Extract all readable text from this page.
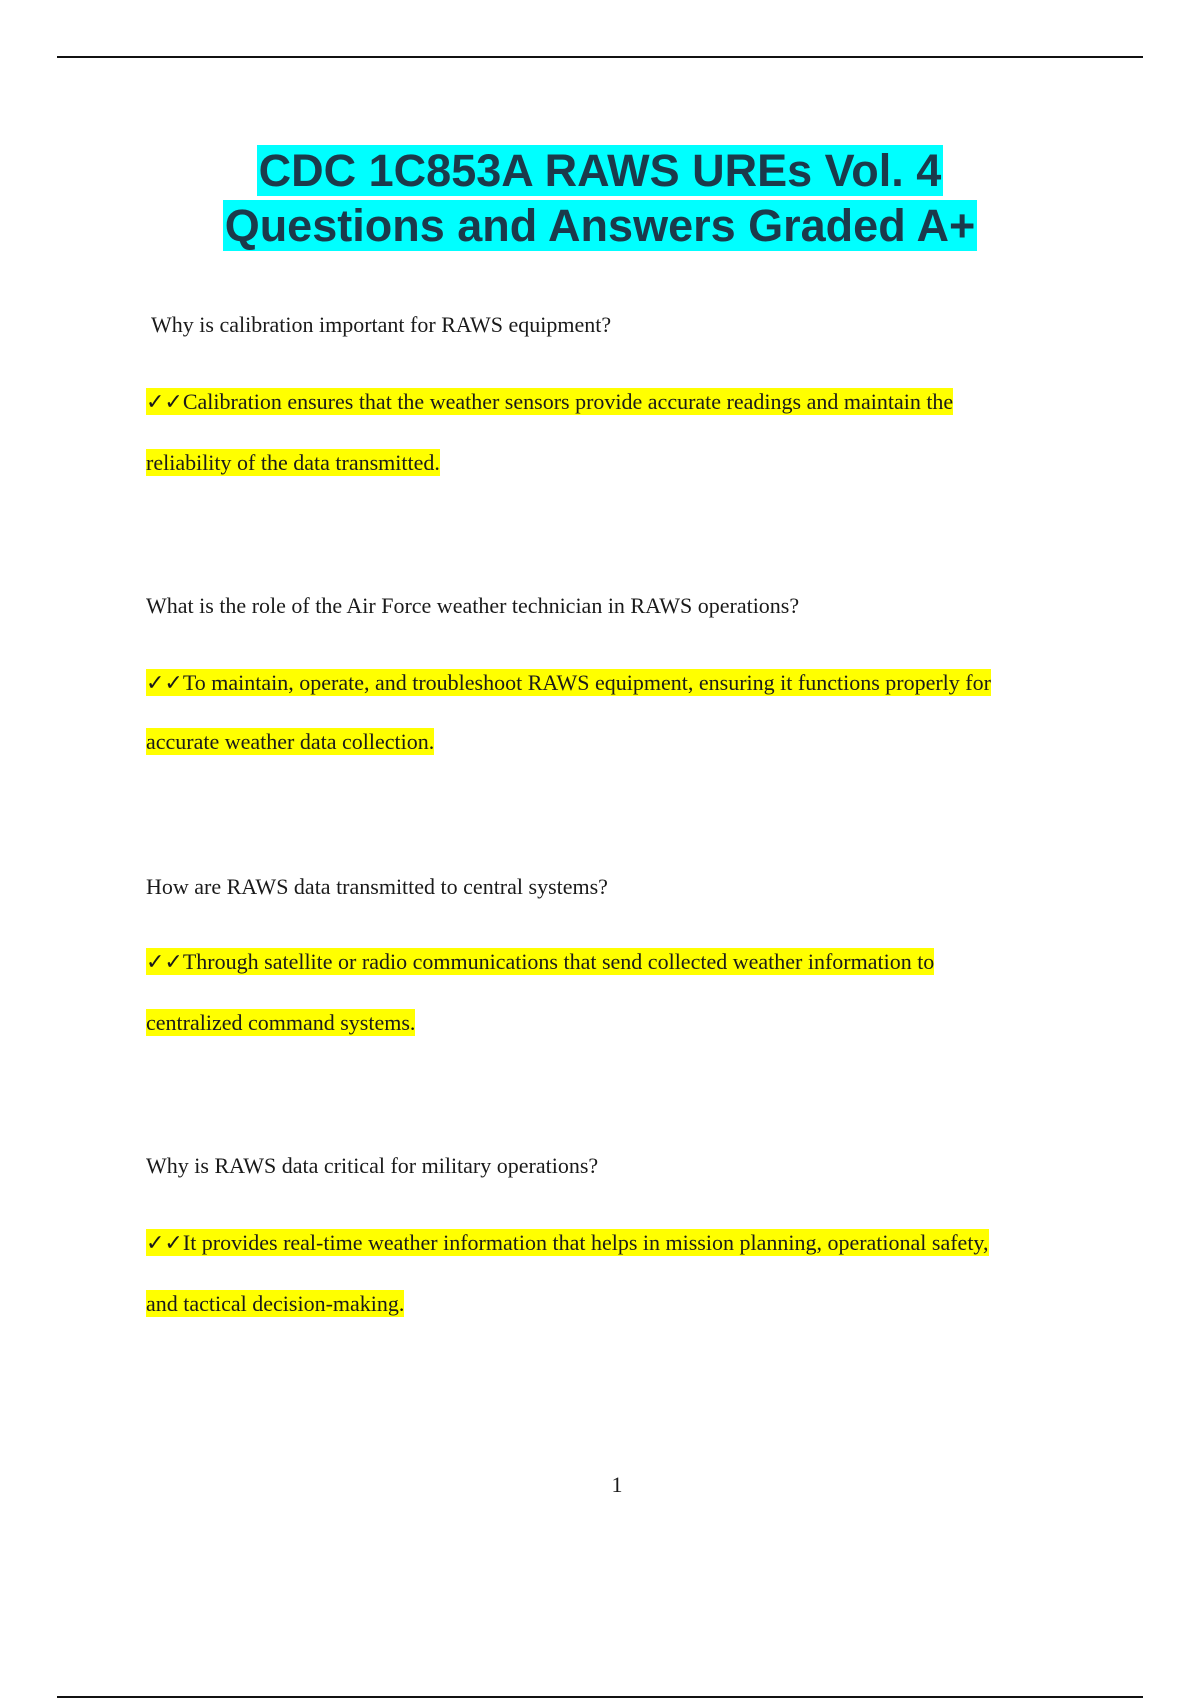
CDC 1C853A RAWS UREs Vol. 4
Questions and Answers Graded A+
Why is calibration important for RAWS equipment?
✓✓Calibration ensures that the weather sensors provide accurate readings and maintain the
reliability of the data transmitted.
What is the role of the Air Force weather technician in RAWS operations?
✓✓To maintain, operate, and troubleshoot RAWS equipment, ensuring it functions properly for
accurate weather data collection.
How are RAWS data transmitted to central systems?
✓✓Through satellite or radio communications that send collected weather information to
centralized command systems.
Why is RAWS data critical for military operations?
✓✓It provides real-time weather information that helps in mission planning, operational safety,
and tactical decision-making.
1
